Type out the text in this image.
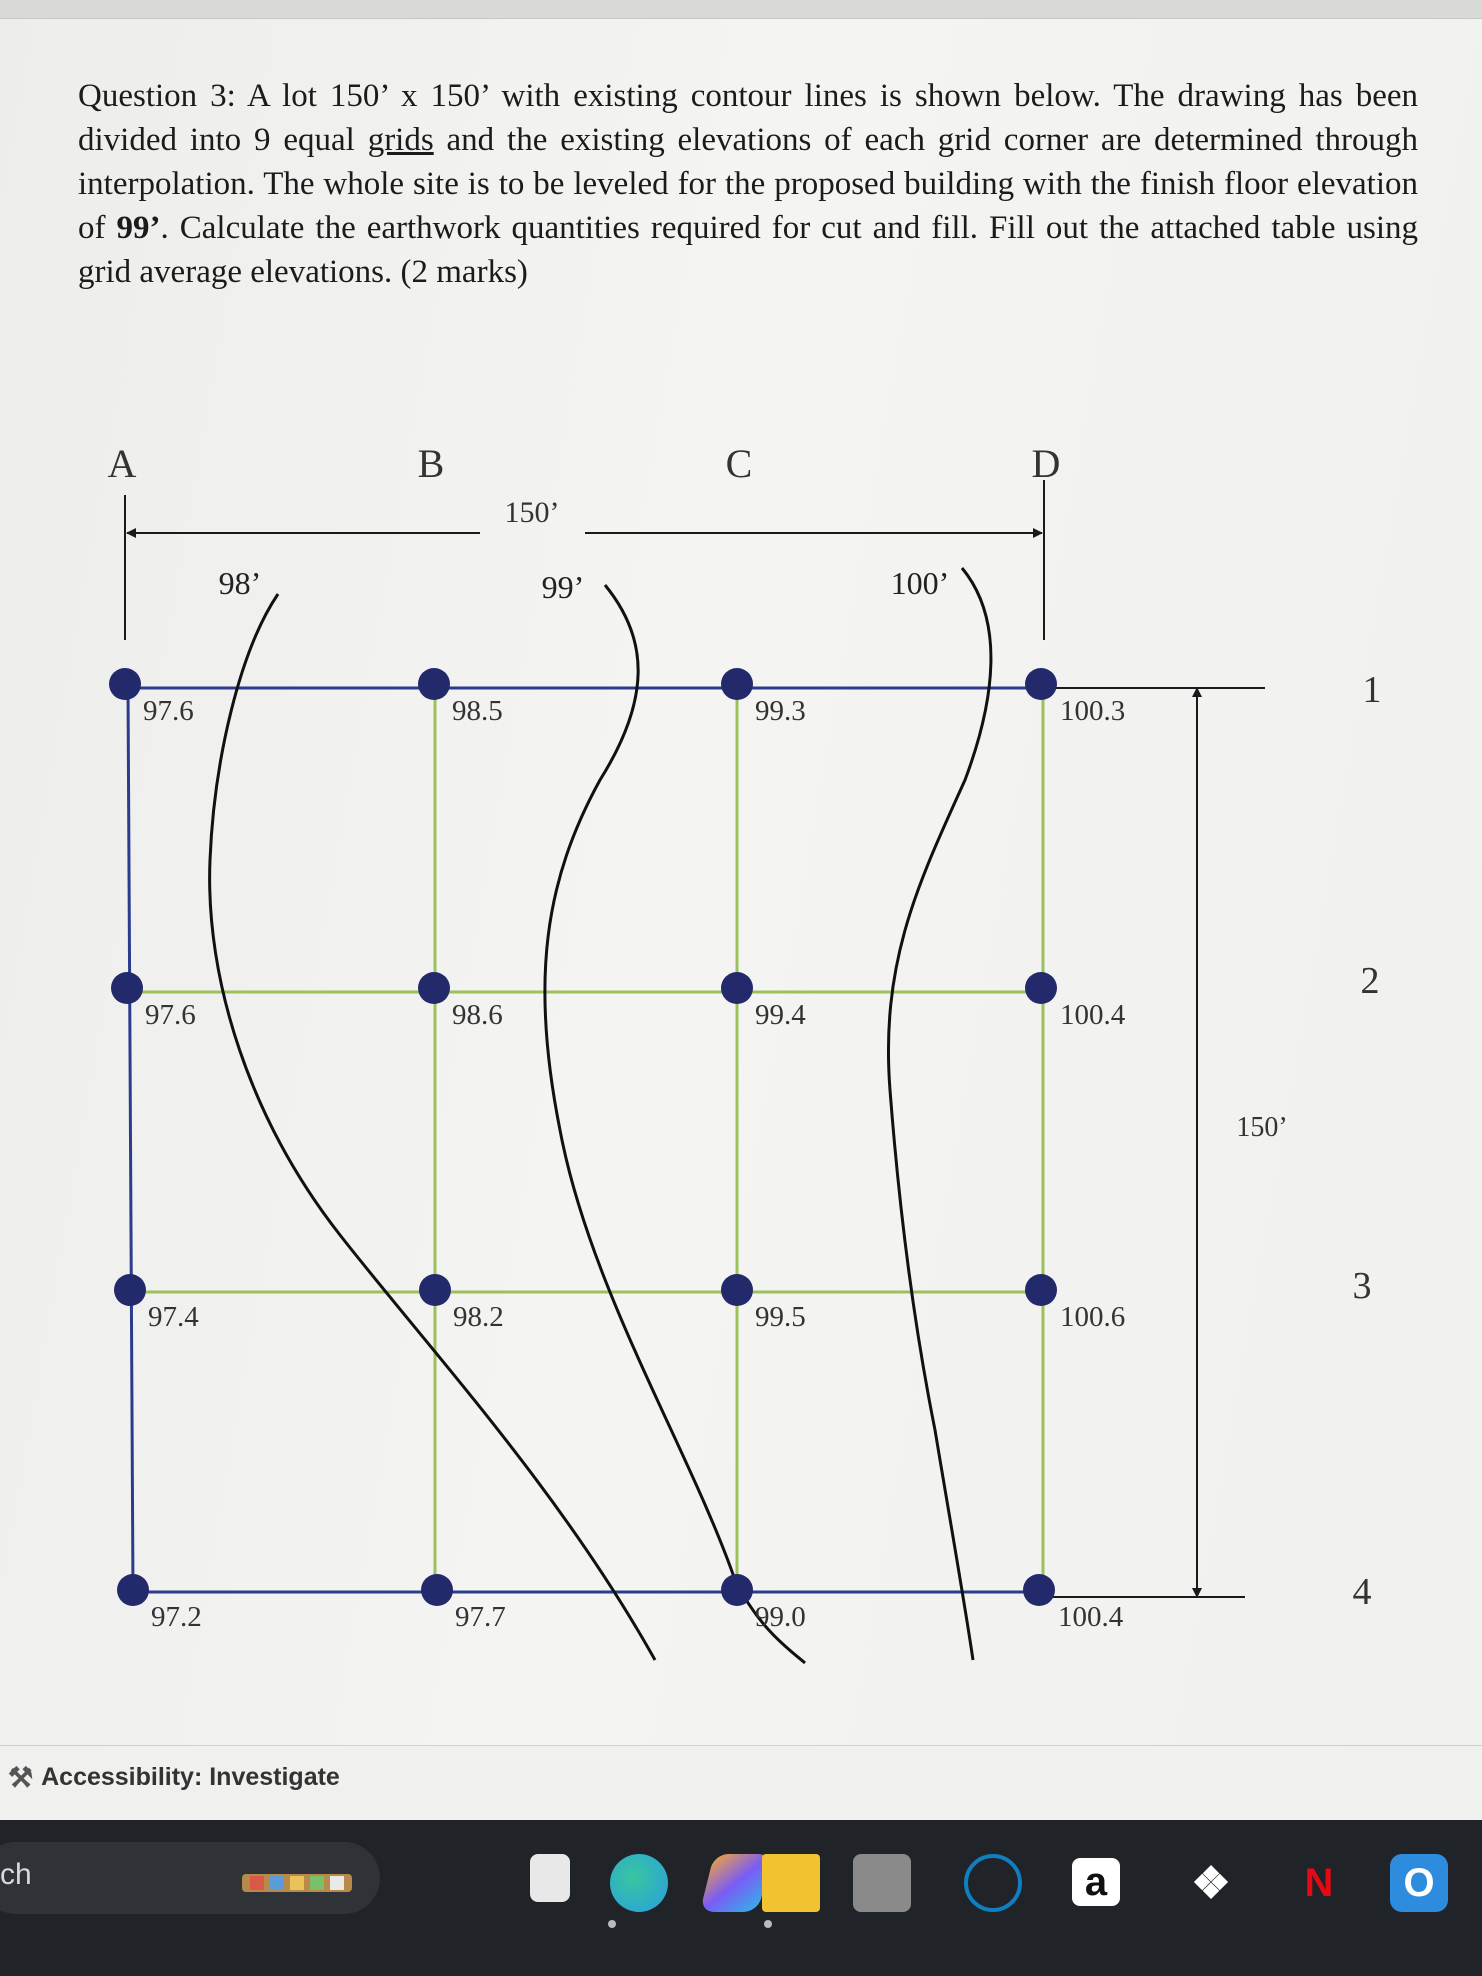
Question 3: A lot 150’ x 150’ with existing contour lines is shown below. The drawing has been divided into 9 equal grids and the existing elevations of each grid corner are determined through interpolation. The whole site is to be leveled for the proposed building with the finish floor elevation of 99’. Calculate the earthwork quantities required for cut and fill. Fill out the attached table using grid average elevations. (2 marks)

A	B	C	D
150’
150’
1
2
3
4
98’	99’	100’
97.6	98.5	99.3	100.3
97.6	98.6	99.4	100.4
97.4	98.2	99.5	100.6
97.2	97.7	99.0	100.4
⚒ Accessibility: Investigate
ch	a ❖	N	O
